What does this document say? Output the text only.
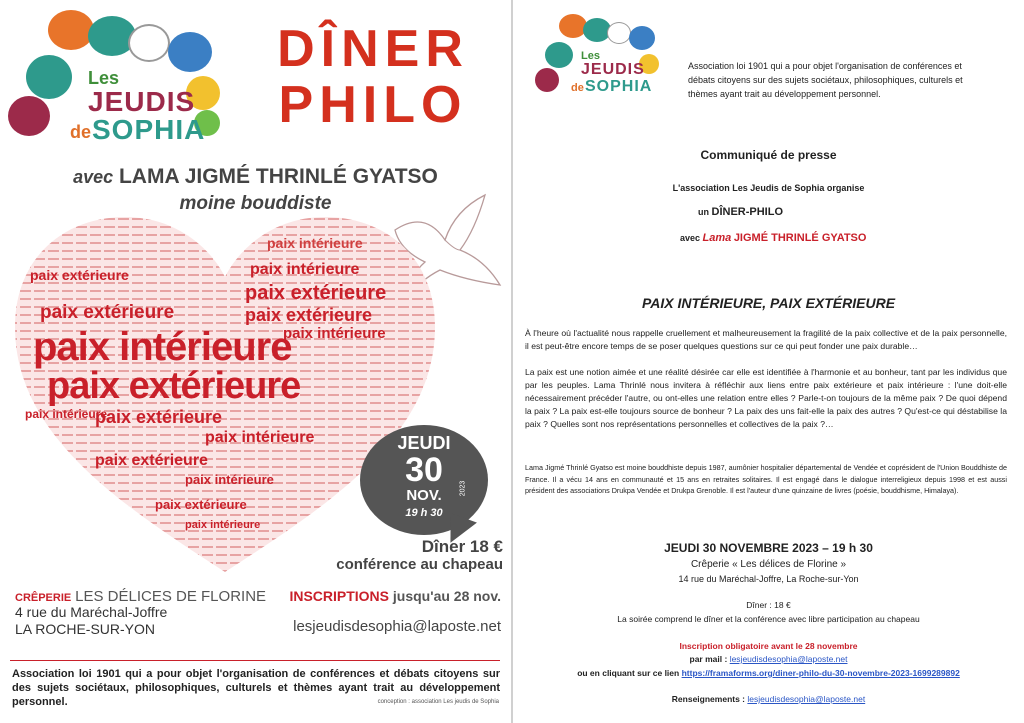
Les
JEUDIS
de SOPHIA
DÎNER
PHILO
avec LAMA JIGMÉ THRINLÉ GYATSO
moine bouddiste
paix intérieure
paix extérieure	paix intérieure
paix extérieure
paix extérieure	paix extérieure
paix intérieure
paix intérieure
paix extérieure
paix extérieure
paix intérieure
paix intérieure
paix extérieure
paix intérieure
paix extérieure
paix intérieure
JEUDI
30
NOV.	2023
19 h 30
Dîner 18 €
conférence au chapeau
CRÊPERIE LES DÉLICES DE FLORINE
4 rue du Maréchal-Joffre
LA ROCHE-SUR-YON
INSCRIPTIONS jusqu'au 28 nov.
lesjeudisdesophia@laposte.net
Association loi 1901 qui a pour objet l'organisation de conférences et débats citoyens sur des sujets sociétaux, philosophiques, culturels et thèmes ayant trait au développement personnel.	conception : association Les jeudis de Sophia
Les
JEUDIS
de SOPHIA
Association loi 1901 qui a pour objet l'organisation de conférences et débats citoyens sur des sujets sociétaux, philosophiques, culturels et thèmes ayant trait au développement personnel.
Communiqué de presse
L'association Les Jeudis de Sophia organise
un DÎNER-PHILO
avec Lama JIGMÉ THRINLÉ GYATSO
PAIX INTÉRIEURE, PAIX EXTÉRIEURE
À l'heure où l'actualité nous rappelle cruellement et malheureusement la fragilité de la paix collective et de la paix personnelle, il est peut-être encore temps de se poser quelques questions sur ce qui peut fonder une paix durable…
La paix est une notion aimée et une réalité désirée car elle est identifiée à l'harmonie et au bonheur, tant par les individus que par les peuples. Lama Thrinlé nous invitera à réfléchir aux liens entre paix extérieure et paix intérieure : l'une doit-elle nécessairement précéder l'autre, ou ont-elles une relation entre elles ? Parle-t-on toujours de la même paix ? De quoi dépend la paix ? La paix est-elle toujours source de bonheur ? La paix des uns fait-elle la paix des autres ? Qu'est-ce qui déstabilise la paix ? Quelles sont nos représentations personnelles et collectives de la paix ?…
Lama Jigmé Thrinlé Gyatso est moine bouddhiste depuis 1987, aumônier hospitalier départemental de Vendée et coprésident de l'Union Bouddhiste de France. Il a vécu 14 ans en communauté et 15 ans en retraites solitaires. Il est engagé dans le dialogue interreligieux depuis 1998 et est aussi président des associations Drukpa Vendée et Drukpa Grenoble. Il est l'auteur d'une quinzaine de livres (poésie, bouddhisme, Himalaya).
JEUDI 30 NOVEMBRE 2023 – 19 h 30
Crêperie « Les délices de Florine »
14 rue du Maréchal-Joffre, La Roche-sur-Yon
Dîner : 18 €
La soirée comprend le dîner et la conférence avec libre participation au chapeau
Inscription obligatoire avant le 28 novembre
par mail : lesjeudisdesophia@laposte.net
ou en cliquant sur ce lien https://framaforms.org/diner-philo-du-30-novembre-2023-1699289892
Renseignements : lesjeudisdesophia@laposte.net
